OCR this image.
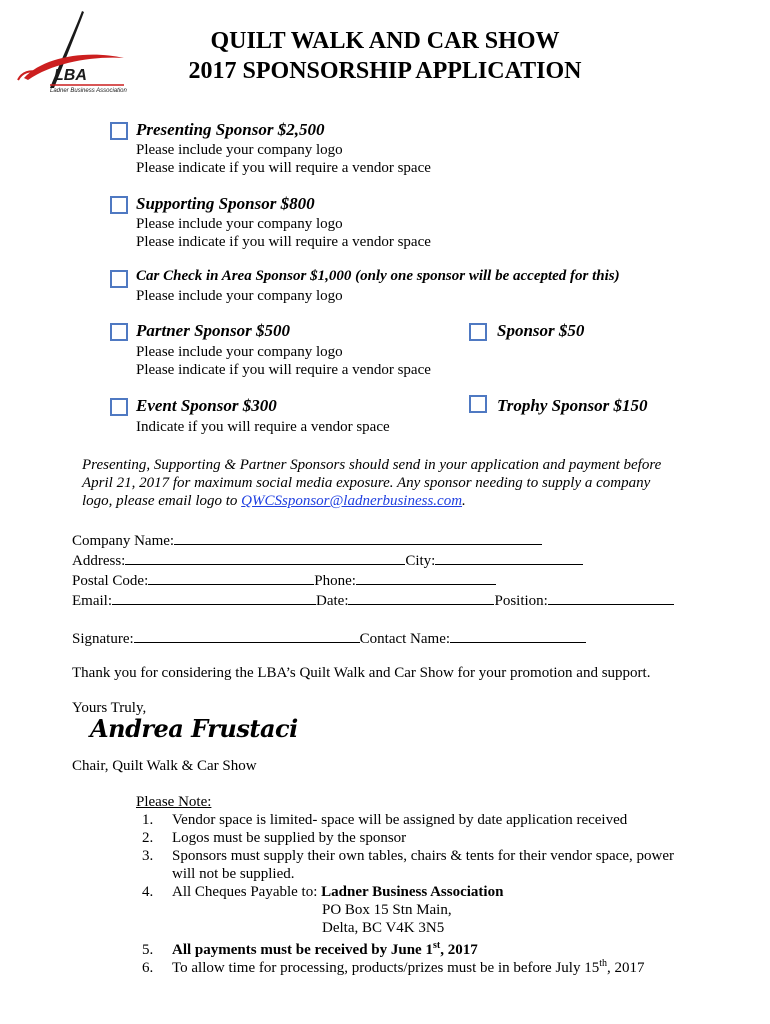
LBA
Ladner Business Association
QUILT WALK AND CAR SHOW
2017 SPONSORSHIP APPLICATION
Presenting Sponsor $2,500
Please include your company logo
Please indicate if you will require a vendor space
Supporting Sponsor $800
Please include your company logo
Please indicate if you will require a vendor space
Car Check in Area Sponsor $1,000 (only one sponsor will be accepted for this)
Please include your company logo
Partner Sponsor $500
Please include your company logo
Please indicate if you will require a vendor space
Sponsor $50
Event Sponsor $300
Indicate if you will require a vendor space
Trophy Sponsor $150
Presenting, Supporting & Partner Sponsors should send in your application and payment before
April 21, 2017 for maximum social media exposure. Any sponsor needing to supply a company
logo, please email logo to QWCSsponsor@ladnerbusiness.com.
Company Name:
Address:	City:
Postal Code:	Phone:
Email:	Date:	Position:
Signature:	Contact Name:
Thank you for considering the LBA’s Quilt Walk and Car Show for your promotion and support.
Yours Truly,
Andrea Frustaci
Chair, Quilt Walk & Car Show
Please Note:
1. Vendor space is limited- space will be assigned by date application received
2. Logos must be supplied by the sponsor
3. Sponsors must supply their own tables, chairs & tents for their vendor space, power
will not be supplied.
4. All Cheques Payable to: Ladner Business Association
PO Box 15 Stn Main,
Delta, BC V4K 3N5
5. All payments must be received by June 1st, 2017
6. To allow time for processing, products/prizes must be in before July 15th, 2017
